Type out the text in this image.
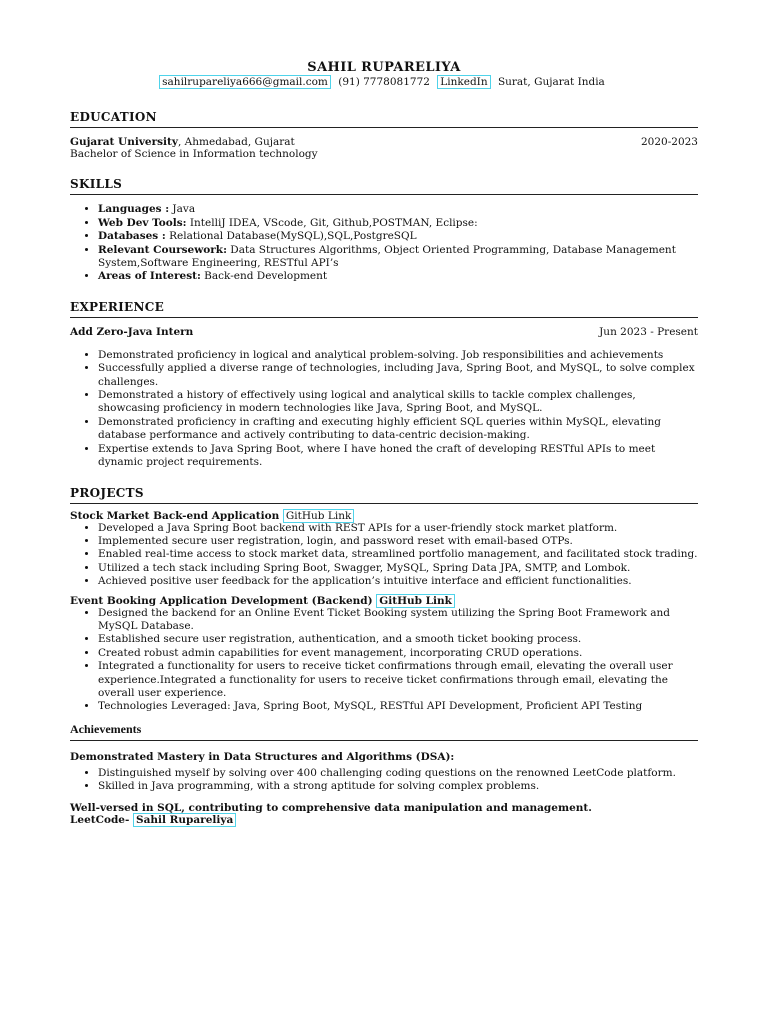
SAHIL RUPARELIYA
sahilrupareliya666@gmail.com (91) 7778081772 LinkedIn Surat, Gujarat India
EDUCATION
Gujarat University, Ahmedabad, Gujarat	2020-2023
Bachelor of Science in Information technology
SKILLS
• Languages : Java
• Web Dev Tools: IntelliJ IDEA, VScode, Git, Github,POSTMAN, Eclipse:
• Databases : Relational Database(MySQL),SQL,PostgreSQL
• Relevant Coursework: Data Structures Algorithms, Object Oriented Programming, Database Management System,Software Engineering, RESTful API’s
• Areas of Interest: Back-end Development
EXPERIENCE
Add Zero-Java Intern	Jun 2023 - Present
• Demonstrated proficiency in logical and analytical problem-solving. Job responsibilities and achievements
• Successfully applied a diverse range of technologies, including Java, Spring Boot, and MySQL, to solve complex challenges.
• Demonstrated a history of effectively using logical and analytical skills to tackle complex challenges, showcasing proficiency in modern technologies like Java, Spring Boot, and MySQL.
• Demonstrated proficiency in crafting and executing highly efficient SQL queries within MySQL, elevating database performance and actively contributing to data-centric decision-making.
• Expertise extends to Java Spring Boot, where I have honed the craft of developing RESTful APIs to meet dynamic project requirements.
PROJECTS
Stock Market Back-end Application GitHub Link
• Developed a Java Spring Boot backend with REST APIs for a user-friendly stock market platform.
• Implemented secure user registration, login, and password reset with email-based OTPs.
• Enabled real-time access to stock market data, streamlined portfolio management, and facilitated stock trading.
• Utilized a tech stack including Spring Boot, Swagger, MySQL, Spring Data JPA, SMTP, and Lombok.
• Achieved positive user feedback for the application’s intuitive interface and efficient functionalities.
Event Booking Application Development (Backend) GitHub Link
• Designed the backend for an Online Event Ticket Booking system utilizing the Spring Boot Framework and MySQL Database.
• Established secure user registration, authentication, and a smooth ticket booking process.
• Created robust admin capabilities for event management, incorporating CRUD operations.
• Integrated a functionality for users to receive ticket confirmations through email, elevating the overall user experience.Integrated a functionality for users to receive ticket confirmations through email, elevating the overall user experience.
• Technologies Leveraged: Java, Spring Boot, MySQL, RESTful API Development, Proficient API Testing
Achievements
Demonstrated Mastery in Data Structures and Algorithms (DSA):
• Distinguished myself by solving over 400 challenging coding questions on the renowned LeetCode platform.
• Skilled in Java programming, with a strong aptitude for solving complex problems.
Well-versed in SQL, contributing to comprehensive data manipulation and management.
LeetCode- Sahil Rupareliya
